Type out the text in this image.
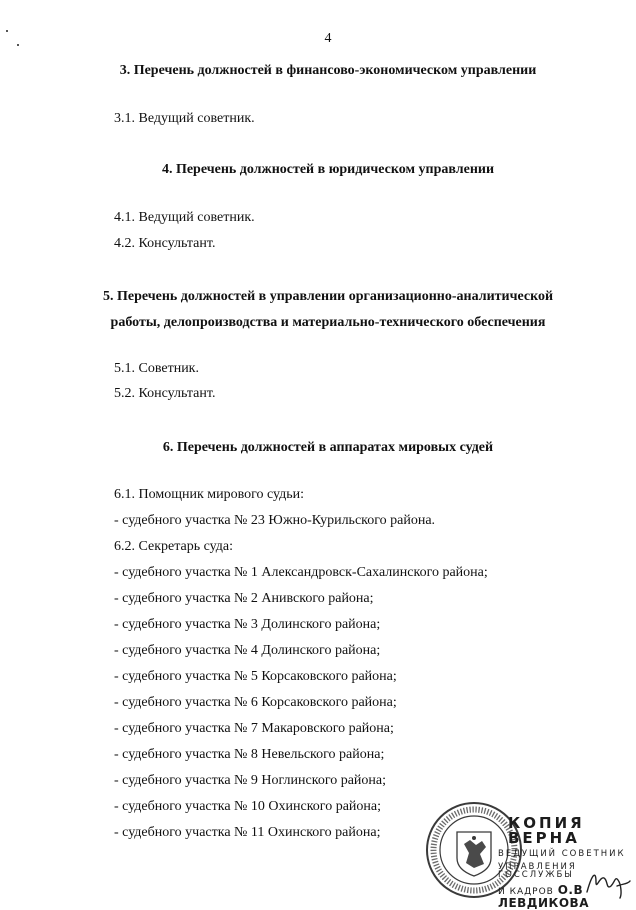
4
3. Перечень должностей в финансово-экономическом управлении
3.1. Ведущий советник.
4. Перечень должностей в юридическом управлении
4.1. Ведущий советник.
4.2. Консультант.
5. Перечень должностей в управлении организационно-аналитической
работы, делопроизводства и материально-технического обеспечения
5.1. Советник.
5.2. Консультант.
6. Перечень должностей в аппаратах мировых судей
6.1. Помощник мирового судьи:
- судебного участка № 23 Южно-Курильского района.
6.2. Секретарь суда:
- судебного участка № 1 Александровск-Сахалинского района;
- судебного участка № 2 Анивского района;
- судебного участка № 3 Долинского района;
- судебного участка № 4 Долинского района;
- судебного участка № 5 Корсаковского района;
- судебного участка № 6 Корсаковского района;
- судебного участка № 7 Макаровского района;
- судебного участка № 8 Невельского района;
- судебного участка № 9 Ноглинского района;
- судебного участка № 10 Охинского района;
- судебного участка № 11 Охинского района;
КОПИЯ ВЕРНА
ВЕДУЩИЙ СОВЕТНИК
УПРАВЛЕНИЯ ГОССЛУЖБЫ
И КАДРОВ О.В ЛЕВДИКОВА
